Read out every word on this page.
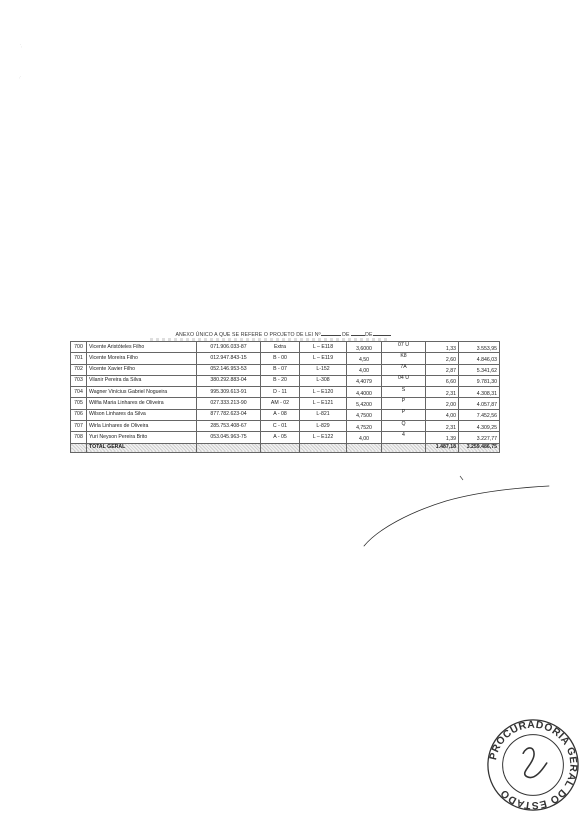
ʻ‚
‚·
ANEXO ÚNICO A QUE SE REFERE O PROJETO DE LEI Nº	DE	DE
700	Vicente Aristóteles Filho	071.906.033-87	Extra	L – E118	3,6000	07 U	1,33	3.553,95
701	Vicente Moreira Filho	012.947.843-15	B - 00	L – E119	4,50	K8	2,60	4.846,03
702	Vicente Xavier Filho	052.146.953-53	B - 07	L-152	4,00	7A	2,87	5.341,62
703	Vilanir Pereira da Silva	380.292.883-04	B - 20	L-308	4,4079	04 U	6,60	9.781,30
704	Wagner Vinícius Gabriel Nogueira	995.309.613-91	D - 11	L – E120	4,4000	S	2,31	4.308,31
705	Wilfia Maria Linhares de Oliveira	027.333.213-90	AM - 02	L – E121	5,4200	P	2,00	4.057,87
706	Wilson Linhares da Silva	877.782.623-04	A - 08	L-821	4,7500	P	4,00	7.452,56
707	Wirla Linhares de Oliveira	285.753.408-67	C - 01	L-829	4,7520	Q	2,31	4.309,25
708	Yuri Neyson Pereira Brito	053.045.963-75	A - 05	L – E122	4,00	4	1,39	3.227,77
	TOTAL GERAL						1.487,18	3.259.486,75
PROCURADORIA GERAL DO ESTADO
